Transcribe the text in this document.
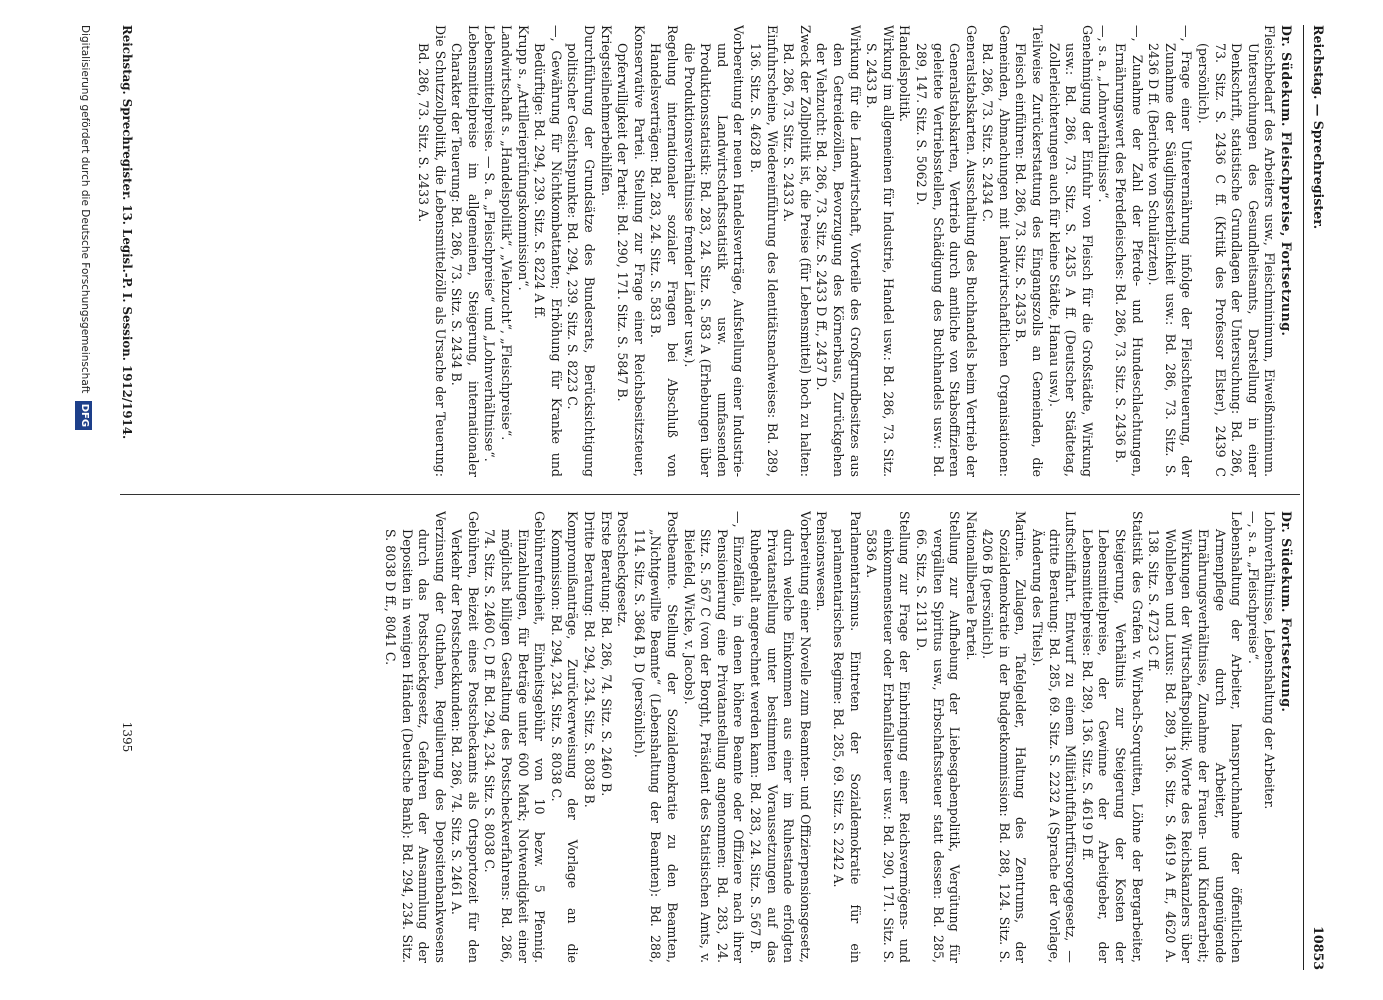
Reichstag. — Sprechregister.
10853

Dr. Südekum. Fleischpreise, Fortsetzung.

Fleischbedarf des Arbeiters usw., Fleischminimum, Eiweißminimum. Untersuchungen des Gesundheitsamts, Darstellung in einer Denkschrift, statistische Grundlagen der Untersuchung: Bd. 286, 73. Sitz. S. 2436 C ff. (Kritik des Professor Elster), 2439 C (persönlich).

—, Frage einer Unterernährung infolge der Fleischteuerung, der Zunahme der Säuglingssterblichkeit usw.: Bd. 286, 73. Sitz. S. 2436 D ff. (Berichte von Schulärzten).

—, Zunahme der Zahl der Pferde- und Hundeschlachtungen, Ernährungswert des Pferdefleisches: Bd. 286, 73. Sitz. S. 2436 B.

—, s. a. „Lohnverhältnisse“.

Genehmigung der Einfuhr von Fleisch für die Großstädte, Wirkung usw.: Bd. 286, 73. Sitz. S. 2435 A ff. (Deutscher Städtetag, Zollerleichterungen auch für kleine Städte, Hanau usw.).

Teilweise Zurückerstattung des Eingangszolls an Gemeinden, die Fleisch einführen: Bd. 286, 73. Sitz. S. 2435 B.

Gemeinden, Abmachungen mit landwirtschaftlichen Organisationen: Bd. 286, 73. Sitz. S. 2434 C.

Generalstabskarten. Ausschaltung des Buchhandels beim Vertrieb der Generalstabskarten, Vertrieb durch amtliche von Stabsoffizieren geleitete Vertriebsstellen, Schädigung des Buchhandels usw.: Bd. 289, 147. Sitz. S. 5062 D.

Handelspolitik.

Wirkung im allgemeinen für Industrie, Handel usw.: Bd. 286, 73. Sitz. S. 2433 B.

Wirkung für die Landwirtschaft, Vorteile des Großgrundbesitzes aus den Getreidezöllen, Bevorzugung des Körnerbaus, Zurückgehen der Viehzucht: Bd. 286, 73. Sitz. S. 2433 D ff., 2437 D.

Zweck der Zollpolitik ist, die Preise (für Lebensmittel) hoch zu halten: Bd. 286, 73. Sitz. S. 2433 A.

Einfuhrscheine, Wiedereinführung des Identitätsnachweises: Bd. 289, 136. Sitz. S. 4628 B.

Vorbereitung der neuen Handelsverträge, Aufstellung einer Industrie- und Landwirtschaftsstatistik usw. umfassenden Produktionsstatistik: Bd. 283, 24. Sitz. S. 583 A (Erhebungen über die Produktionsverhältnisse fremder Länder usw.).

Regelung internationaler sozialer Fragen bei Abschluß von Handelsverträgen: Bd. 283, 24. Sitz. S. 583 B.

Konservative Partei. Stellung zur Frage einer Reichsbesitzsteuer, Opferwilligkeit der Partei: Bd. 290, 171. Sitz. S. 5847 B.

Kriegsteilnehmerbeihilfen.

Durchführung der Grundsätze des Bundesrats, Berücksichtigung politischer Gesichtspunkte: Bd. 294, 239. Sitz. S. 8223 C.

—, Gewährung für Nichtkombattanten; Erhöhung für Kranke und Bedürftige: Bd. 294, 239. Sitz. S. 8224 A ff.

Krupp s. „Artillerieprüfungskommission“.

Landwirtschaft s. „Handelspolitik“, „Viehzucht“, „Fleischpreise“.

Lebensmittelpreise. — S. a. „Fleischpreise“ und „Lohnverhältnisse“.

Lebensmittelpreise im allgemeinen, Steigerung, internationaler Charakter der Teuerung: Bd. 286, 73. Sitz. S. 2434 B.

Die Schutzzollpolitik, die Lebensmittelzölle als Ursache der Teuerung: Bd. 286, 73. Sitz. S. 2433 A.

Dr. Südekum. Fortsetzung.

Lohnverhältnisse, Lebenshaltung der Arbeiter.

—, s. a. „Fleischpreise“.

Lebenshaltung der Arbeiter, Inanspruchnahme der öffentlichen Armenpflege durch Arbeiter, ungenügende Ernährungsverhältnisse, Zunahme der Frauen- und Kinderarbeit; Wirkungen der Wirtschaftspolitik; Worte des Reichskanzlers über Wohlleben und Luxus: Bd. 289, 136. Sitz. S. 4619 A ff., 4620 A. 138. Sitz. S. 4723 C ff.

Statistik des Grafen v. Wirbach-Sorquitten, Löhne der Bergarbeiter, Steigerung, Verhältnis zur Steigerung der Kosten der Lebensmittelpreise, der Gewinne der Arbeitgeber, der Lebensmittelpreise: Bd. 289, 136. Sitz. S. 4619 D ff.

Luftschiffahrt. Entwurf zu einem Militärluftfahrtfürsorgegesetz, — dritte Beratung: Bd. 285, 69. Sitz. S. 2232 A (Sprache der Vorlage, Änderung des Titels).

Marine. Zulagen, Tafelgelder, Haltung des Zentrums, der Sozialdemokratie in der Budgetkommission: Bd. 288, 124. Sitz. S. 4206 B (persönlich).

Nationalliberale Partei.

Stellung zur Aufhebung der Liebesgabenpolitik, Vergütung für vergällten Spiritus usw., Erbschaftssteuer statt dessen: Bd. 285, 66. Sitz. S. 2131 D.

Stellung zur Frage der Einbringung einer Reichsvermögens- und einkommensteuer oder Erbanfallsteuer usw.: Bd. 290, 171. Sitz. S. 5836 A.

Parlamentarismus. Eintreten der Sozialdemokratie für ein parlamentarisches Regime: Bd. 285, 69. Sitz. S. 2242 A.

Pensionswesen.

Vorbereitung einer Novelle zum Beamten- und Offizierpensionsgesetz, durch welche Einkommen aus einer im Ruhestande erfolgten Privatanstellung unter bestimmten Voraussetzungen auf das Ruhegehalt angerechnet werden kann: Bd. 283, 24. Sitz. S. 567 B.

—, Einzelfälle, in denen höhere Beamte oder Offiziere nach ihrer Pensionierung eine Privatanstellung angenommen: Bd. 283, 24. Sitz. S. 567 C (von der Borght, Präsident des Statistischen Amts, v. Bielefeld, Wicke, v. Jacobs).

Postbeamte. Stellung der Sozialdemokratie zu den Beamten, „Nichtgewillte Beamte“ (Lebenshaltung der Beamten): Bd. 288, 114. Sitz. S. 3864 B, D (persönlich).

Postscheckgesetz.

Erste Beratung: Bd. 286, 74. Sitz. S. 2460 B.

Dritte Beratung: Bd. 294, 234. Sitz. S. 8038 B.

Kompromißanträge, Zurückverweisung der Vorlage an die Kommission: Bd. 294, 234. Sitz. S. 8038 C.

Gebührenfreiheit, Einheitsgebühr von 10 bezw. 5 Pfennig. Einzahlungen, für Beträge unter 600 Mark; Notwendigkeit einer möglichst billigen Gestaltung des Postscheckverfahrens: Bd. 286, 74. Sitz. S. 2460 C, D ff. Bd. 294, 234. Sitz. S. 8038 C.

Gebühren, Beizeit eines Postscheckamts als Ortsportozeit für den Verkehr der Postscheckkunden: Bd. 286, 74. Sitz. S. 2461 A.

Verzinsung der Guthaben, Regulierung des Depositenbankwesens durch das Postscheckgesetz, Gefahren der Ansammlung der Depositen in wenigen Händen (Deutsche Bank): Bd. 294, 234. Sitz. S. 8038 D ff., 8041 C.

Reichstag. Sprechregister. 13. Legisl.-P. I. Session. 1912/1914.
1395
Digitalisierung gefördert durch die Deutsche Forschungsgemeinschaft DFG
